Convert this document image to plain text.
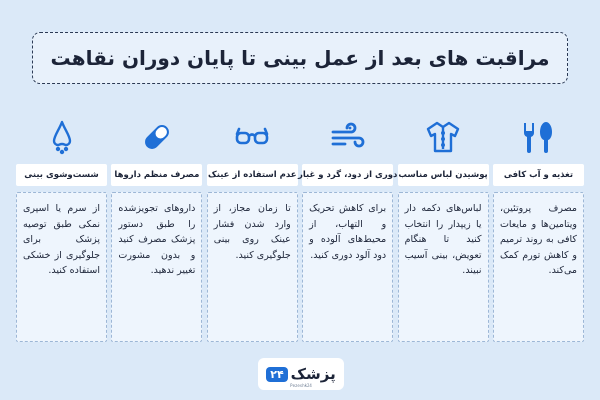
مراقبت های بعد از عمل بینی تا پایان دوران نقاهت
تغذیه و آب کافی
مصرف پروتئین، ویتامین‌ها و مایعات کافی به روند ترمیم و کاهش تورم کمک می‌کند.
پوشیدن لباس مناسب
لباس‌های دکمه دار یا زیپدار را انتخاب کنید تا هنگام تعویض، بینی آسیب نبیند.
دوری از دود، گرد و غبار
برای کاهش تحریک و التهاب، از محیط‌های آلوده و دود آلود دوری کنید.
عدم استفاده از عینک
تا زمان مجاز، از وارد شدن فشار عینک روی بینی جلوگیری کنید.
مصرف منظم داروها
داروهای تجویزشده را طبق دستور پزشک مصرف کنید و بدون مشورت تغییر ندهید.
شست‌وشوی بینی
از سرم یا اسپری نمکی طبق توصیه پزشک برای جلوگیری از خشکی استفاده کنید.
۲۴ پزشک
Pezeshk24
